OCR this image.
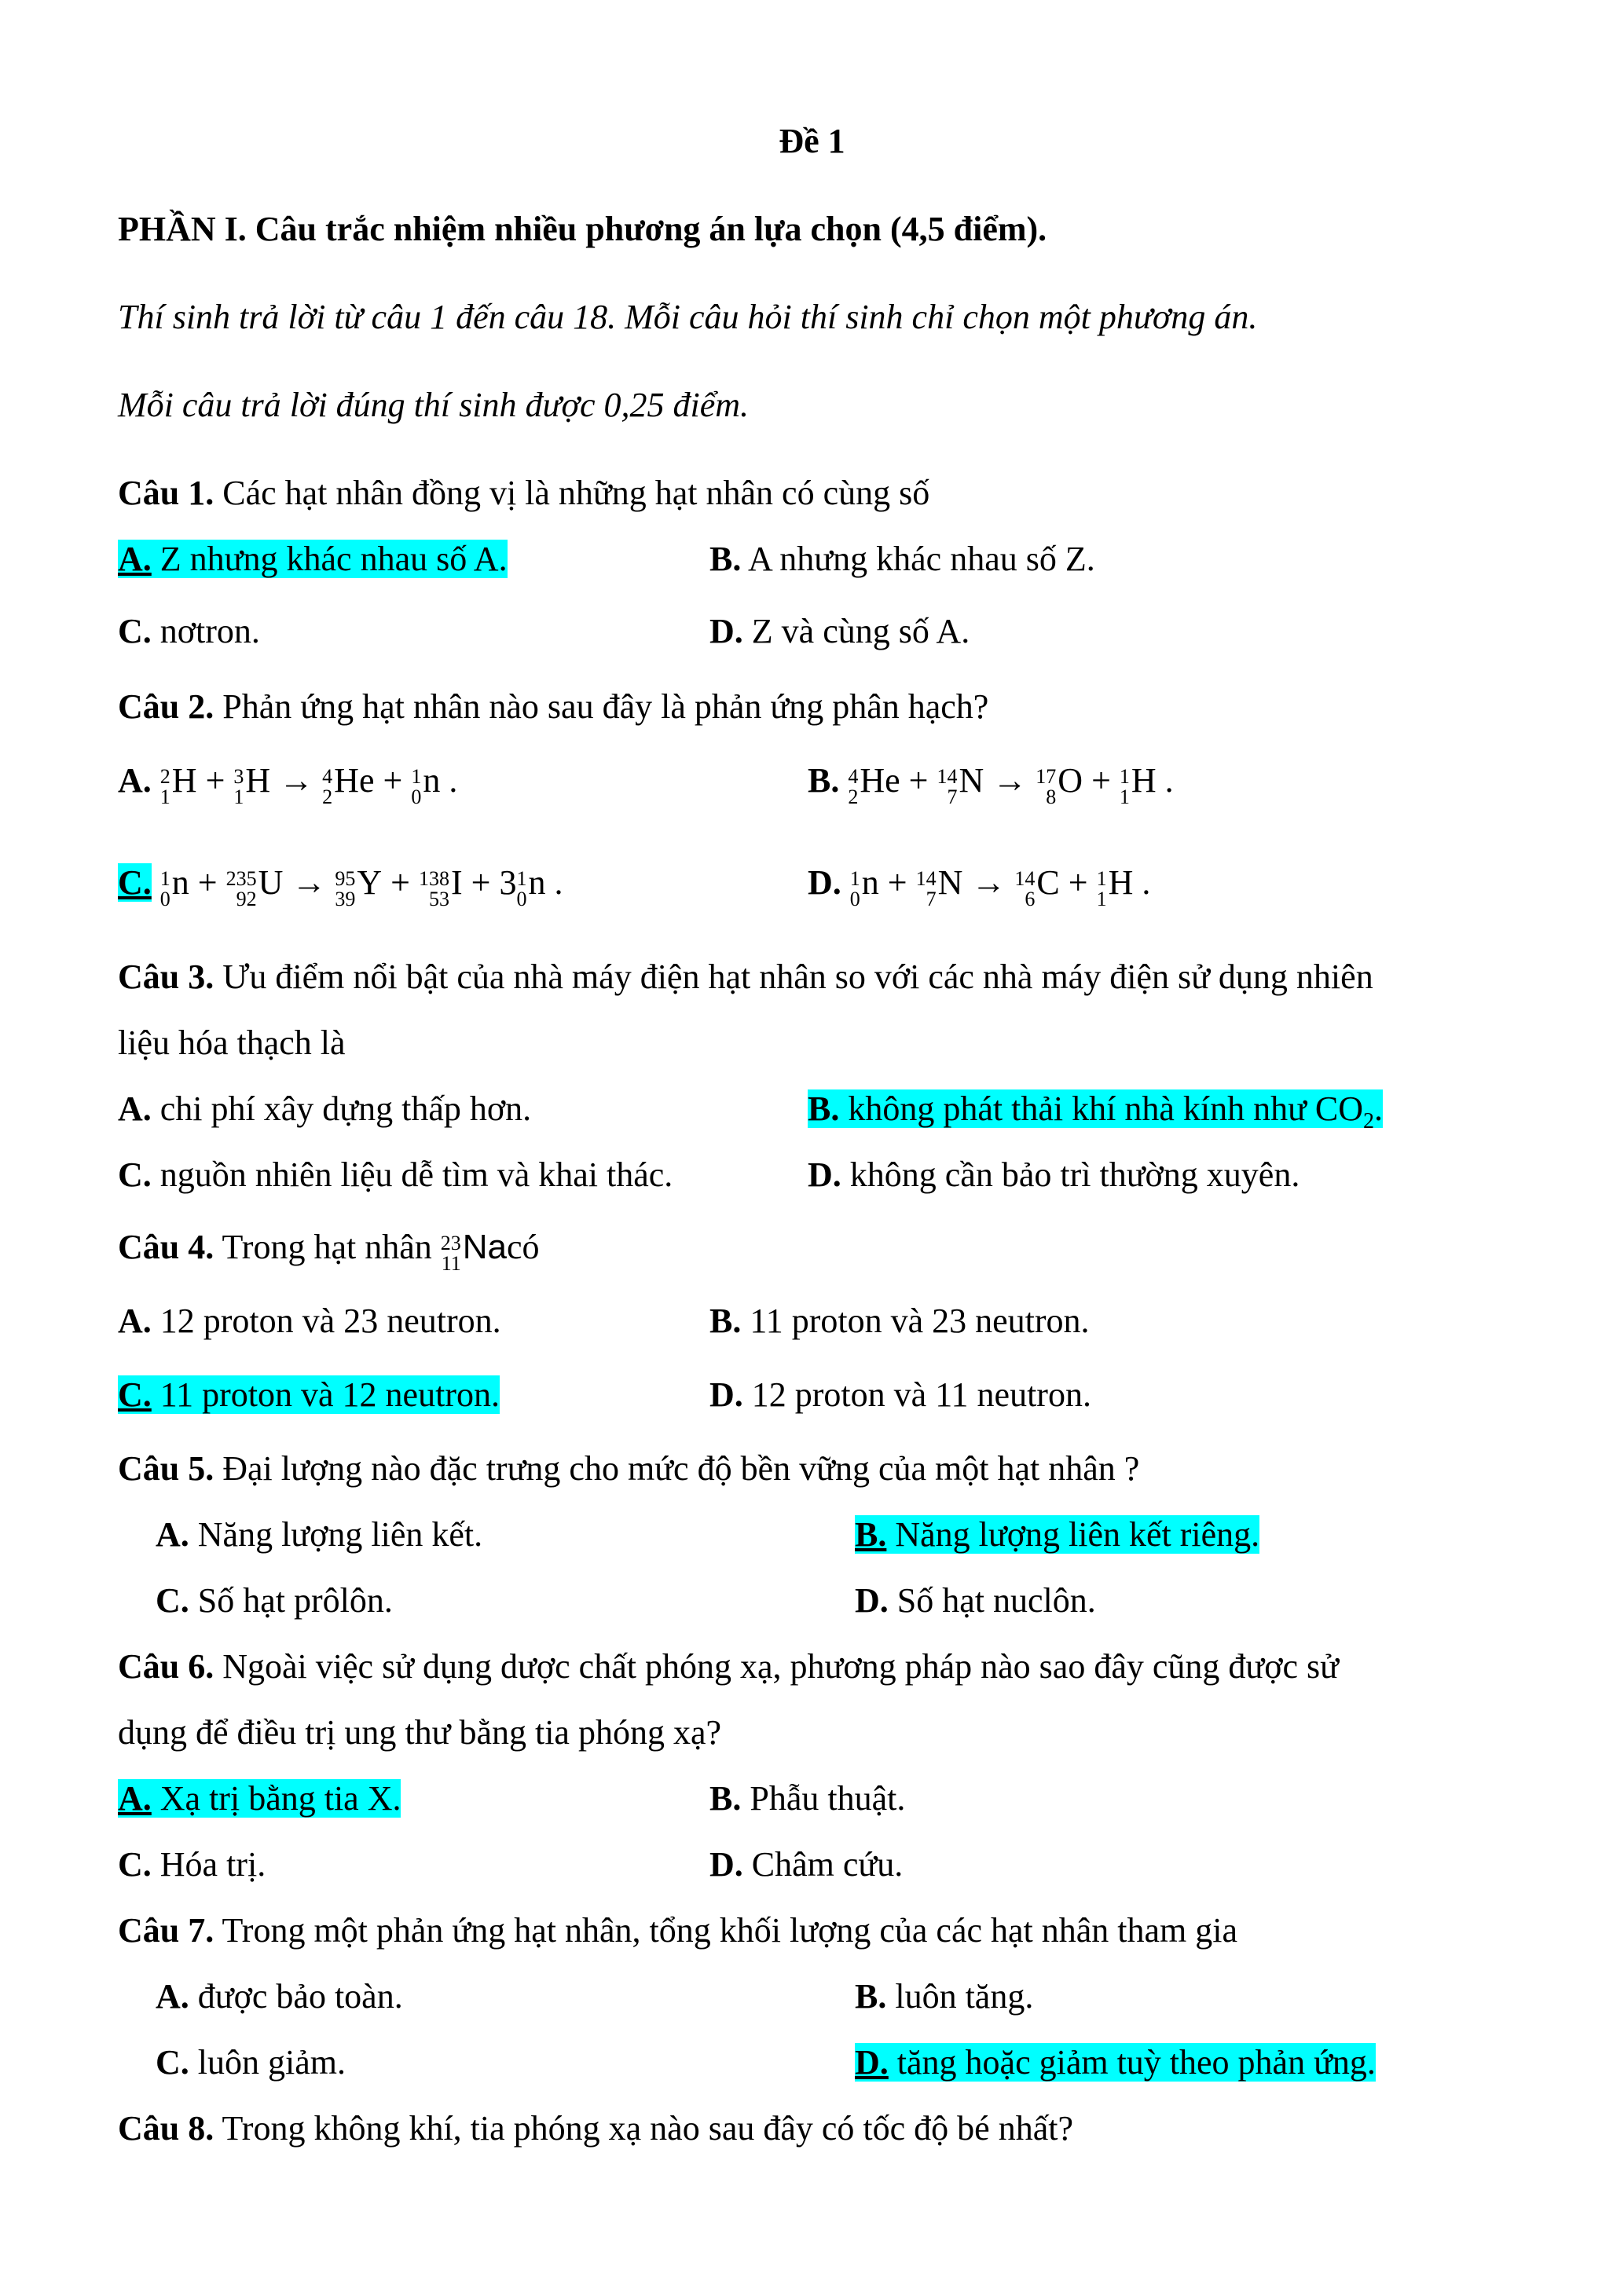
Đề 1
PHẦN I. Câu trắc nhiệm nhiều phương án lựa chọn (4,5 điểm).
Thí sinh trả lời từ câu 1 đến câu 18. Mỗi câu hỏi thí sinh chỉ chọn một phương án.
Mỗi câu trả lời đúng thí sinh được 0,25 điểm.
Câu 1. Các hạt nhân đồng vị là những hạt nhân có cùng số
A. Z nhưng khác nhau số A.	B. A nhưng khác nhau số Z.
C. nơtron.	D. Z và cùng số A.
Câu 2. Phản ứng hạt nhân nào sau đây là phản ứng phân hạch?
A. 2
1 H + 3
1 H → 4
2 He + 1
0 n .	B. 4
2 He + 14
7 N → 17
8 O + 1
1 H .
C. 1
0 n + 235
92 U → 95
39 Y + 138
53 I + 3 1
0 n .	D. 1
0 n + 14
7 N → 14
6 C + 1
1 H .
Câu 3. Ưu điểm nổi bật của nhà máy điện hạt nhân so với các nhà máy điện sử dụng nhiên
liệu hóa thạch là
A. chi phí xây dựng thấp hơn.	B. không phát thải khí nhà kính như $CO_2$.
C. nguồn nhiên liệu dễ tìm và khai thác.	D. không cần bảo trì thường xuyên.
Câu 4. Trong hạt nhân 23
11 Nacó
A. 12 proton và 23 neutron.	B. 11 proton và 23 neutron.
C. 11 proton và 12 neutron.	D. 12 proton và 11 neutron.
Câu 5. Đại lượng nào đặc trưng cho mức độ bền vững của một hạt nhân ?
A. Năng lượng liên kết.	B. Năng lượng liên kết riêng.
C. Số hạt prôlôn.	D. Số hạt nuclôn.
Câu 6. Ngoài việc sử dụng dược chất phóng xạ, phương pháp nào sao đây cũng được sử
dụng để điều trị ung thư bằng tia phóng xạ?
A. Xạ trị bằng tia X.	B. Phẫu thuật.
C. Hóa trị.	D. Châm cứu.
Câu 7. Trong một phản ứng hạt nhân, tổng khối lượng của các hạt nhân tham gia
A. được bảo toàn.	B. luôn tăng.
C. luôn giảm.	D. tăng hoặc giảm tuỳ theo phản ứng.
Câu 8. Trong không khí, tia phóng xạ nào sau đây có tốc độ bé nhất?
